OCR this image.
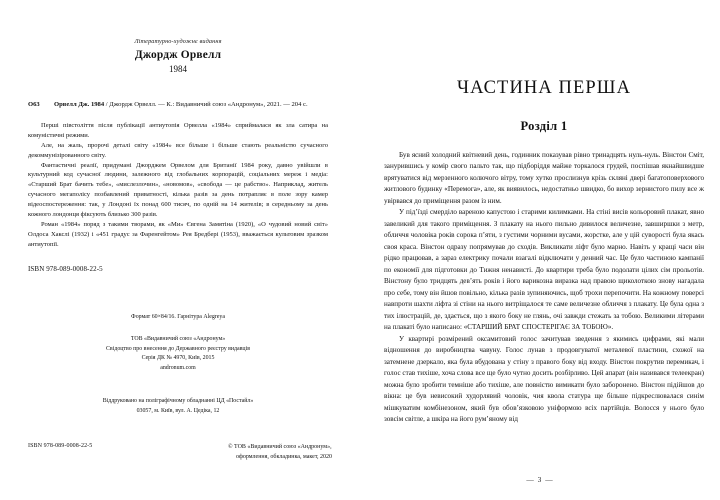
Літературно-художнє видання
Джордж Орвелл
1984
О63	Орвелл Дж. 1984 / Джордж Орвелл. — К.: Видавничий союз «Андронум», 2021. — 204 с.

Перші півстоліття після публікації антиутопія Орвелла «1984» сприймалася як зла сатира на комуністичні режими.

Але, на жаль, пророчі деталі світу «1984» все більше і більше стають реальністю сучасного декоммунізірованного світу.

Фантастичні реалії, придумані Джорджем Орвелом для Британії 1984 року, давно увійшли в культурний код сучасної людини, залежного від глобальних корпорацій, соціальних мереж і медіа: «Старший Брат бачить тебе», «мислезлочин», «новомов», «свобода — це рабство». Наприклад, житель сучасного мегаполісу позбавлений приватності, кілька разів за день потрапляє в поле зору камер відеоспостереження: так, у Лондоні їх понад 600 тисяч, по одній на 14 жителів; в середньому за день кожного лондонця фіксують близько 300 разів.

Роман «1984» поряд з такими творами, як «Ми» Євгена Замятіна (1920), «О чудовий новий світ» Олдоса Хакслі (1932) і «451 градус за Фаренгейтом» Рея Бредбері (1953), вважається культовим зразком антиутопії.

ISBN 978-089-0008-22-5
Формат 60×84/16. Гарнітура Alegreya
ТОВ «Видавничий союз «Андронум»
Свідоцтво про внесення до Державного реєстру видавців
Серія ДК № 4970, Київ, 2015
andronum.com
Віддруковано на поліграфічному обладнанні ЦД «Постайл»
03057, м. Київ, вул. А. Цедіка, 12
ISBN 978-089-0008-22-5	© ТОВ «Видавничий союз «Андронум»,
оформлення, обкладинка, макет, 2020
ЧАСТИНА ПЕРША
Розділ 1

Був ясний холодний квітневий день, годинник показував рівно тринадцять нуль-нуль. Вінстон Сміт, занурившись у комір свого пальто так, що підборіддя майже торкалося грудей, поспішав якнайшвидше врятуватися від мерзенного колючого вітру, тому хутко прослизнув крізь скляні двері багатоповерхового житлового будинку «Перемога», але, як виявилось, недостатньо швидко, бо вихор зернистого пилу все ж увірвався до приміщення разом із ним.

У підʼїзді смерділо вареною капустою і старими килимками. На стіні висів кольоровий плакат, явно завеликий для такого приміщення. З плакату на нього пильно дивилося величезне, завширшки з метр, обличчя чоловіка років сорока пʼяти, з густими чорними вусами, жорстке, але у цій суворості була якась своя краса. Вінстон одразу попрямував до сходів. Викликати ліфт було марно. Навіть у кращі часи він рідко працював, а зараз електрику почали взагалі відключати у денний час. Це було частиною кампанії по економії для підготовки до Тижня ненависті. До квартири треба було подолати цілих сім прольотів. Вінстону було тридцять девʼять років і його варикозна виразка над правою щиколоткою знову нагадала про себе, тому він йшов повільно, кілька разів зупиняючись, щоб трохи перепочити. На кожному поверсі навпроти шахти ліфта зі стіни на нього витріщалося те саме величезне обличчя з плакату. Це була одна з тих ілюстрацій, де, здається, що з якого боку не глянь, очі завжди стежать за тобою. Великими літерами на плакаті було написано: «СТАРШИЙ БРАТ СПОСТЕРІГАЄ ЗА ТОБОЮ».

У квартирі розмірений оксамитовий голос зачитував зведення з якимись цифрами, які мали відношення до виробництва чавуну. Голос лунав з продовгуватої металевої пластини, схожої на затемнене дзеркало, яка була вбудована у стіну з правого боку від входу. Вінстон покрутив перемикач, і голос став тихіше, хоча слова все ще було чутно досить розбірливо. Цей апарат (він називався телеекран) можна було зробити темніше або тихіше, але повністю вимикати було заборонено. Вінстон підійшов до вікна: це був невисокий худорлявий чоловік, чия квола статура ще більше підкреслювалася синім мішкуватим комбінезоном, який був обовʼязковою уніформою всіх партійців. Волосся у нього було зовсім світле, а шкіра на його румʼяному від

— 3 —
